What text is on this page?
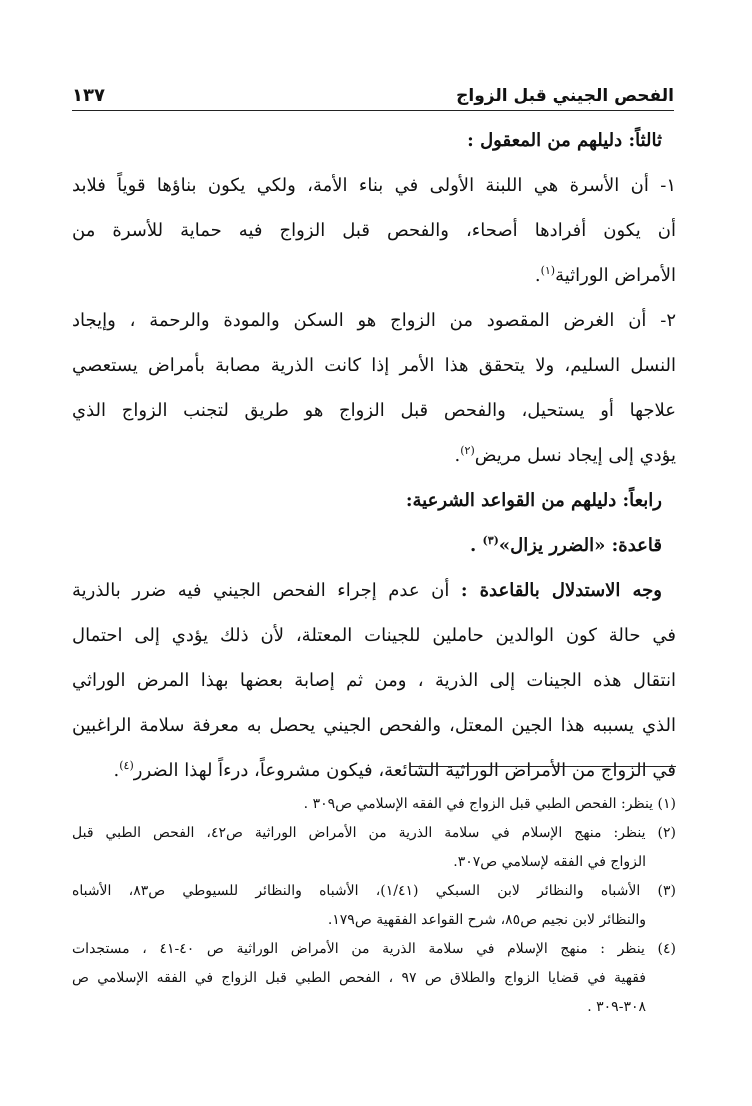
الفحص الجيني قبل الزواج
١٣٧
ثالثاً: دليلهم من المعقول :
١- أن الأسرة هي اللبنة الأولى في بناء الأمة، ولكي يكون بناؤها قوياً فلابد
أن يكون أفرادها أصحاء، والفحص قبل الزواج فيه حماية للأسرة من
الأمراض الوراثية$^{(١)}$.
٢- أن الغرض المقصود من الزواج هو السكن والمودة والرحمة ، وإيجاد
النسل السليم، ولا يتحقق هذا الأمر إذا كانت الذرية مصابة بأمراض يستعصي
علاجها أو يستحيل، والفحص قبل الزواج هو طريق لتجنب الزواج الذي
يؤدي إلى إيجاد نسل مريض$^{(٢)}$.
رابعاً: دليلهم من القواعد الشرعية:
قاعدة: «الضرر يزال»$^{(٣)}$ .
وجه الاستدلال بالقاعدة : أن عدم إجراء الفحص الجيني فيه ضرر بالذرية
في حالة كون الوالدين حاملين للجينات المعتلة، لأن ذلك يؤدي إلى احتمال
انتقال هذه الجينات إلى الذرية ، ومن ثم إصابة بعضها بهذا المرض الوراثي
الذي يسببه هذا الجين المعتل، والفحص الجيني يحصل به معرفة سلامة الراغبين
في الزواج من الأمراض الوراثية الشائعة، فيكون مشروعاً، درءاً لهذا الضرر$^{(٤)}$.
(١) ينظر: الفحص الطبي قبل الزواج في الفقه الإسلامي ص٣٠٩ .
(٢) ينظر: منهج الإسلام في سلامة الذرية من الأمراض الوراثية ص٤٢، الفحص الطبي قبل
الزواج في الفقه لإسلامي ص٣٠٧.
(٣) الأشباه والنظائر لابن السبكي (١/٤١)، الأشباه والنظائر للسيوطي ص٨٣، الأشباه
والنظائر لابن نجيم ص٨٥، شرح القواعد الفقهية ص١٧٩.
(٤) ينظر : منهج الإسلام في سلامة الذرية من الأمراض الوراثية ص ٤٠-٤١ ، مستجدات
فقهية في قضايا الزواج والطلاق ص ٩٧ ، الفحص الطبي قبل الزواج في الفقه الإسلامي ص
٣٠٨-٣٠٩ .
